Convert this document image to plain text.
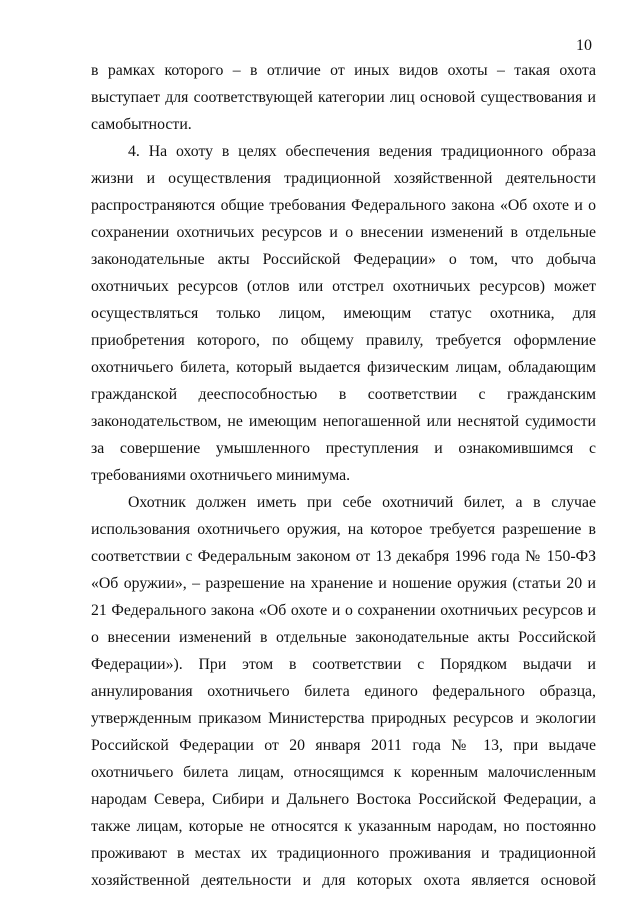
10
в рамках которого – в отличие от иных видов охоты – такая охота
выступает для соответствующей категории лиц основой существования и
самобытности.
4. На охоту в целях обеспечения ведения традиционного образа
жизни и осуществления традиционной хозяйственной деятельности
распространяются общие требования Федерального закона «Об охоте и о
сохранении охотничьих ресурсов и о внесении изменений в отдельные
законодательные акты Российской Федерации» о том, что добыча
охотничьих ресурсов (отлов или отстрел охотничьих ресурсов) может
осуществляться только лицом, имеющим статус охотника, для
приобретения которого, по общему правилу, требуется оформление
охотничьего билета, который выдается физическим лицам, обладающим
гражданской дееспособностью в соответствии с гражданским
законодательством, не имеющим непогашенной или неснятой судимости
за совершение умышленного преступления и ознакомившимся с
требованиями охотничьего минимума.
Охотник должен иметь при себе охотничий билет, а в случае
использования охотничьего оружия, на которое требуется разрешение в
соответствии с Федеральным законом от 13 декабря 1996 года № 150-ФЗ
«Об оружии», – разрешение на хранение и ношение оружия (статьи 20 и
21 Федерального закона «Об охоте и о сохранении охотничьих ресурсов и
о внесении изменений в отдельные законодательные акты Российской
Федерации»). При этом в соответствии с Порядком выдачи и
аннулирования охотничьего билета единого федерального образца,
утвержденным приказом Министерства природных ресурсов и экологии
Российской Федерации от 20 января 2011 года № 13, при выдаче
охотничьего билета лицам, относящимся к коренным малочисленным
народам Севера, Сибири и Дальнего Востока Российской Федерации, а
также лицам, которые не относятся к указанным народам, но постоянно
проживают в местах их традиционного проживания и традиционной
хозяйственной деятельности и для которых охота является основой
